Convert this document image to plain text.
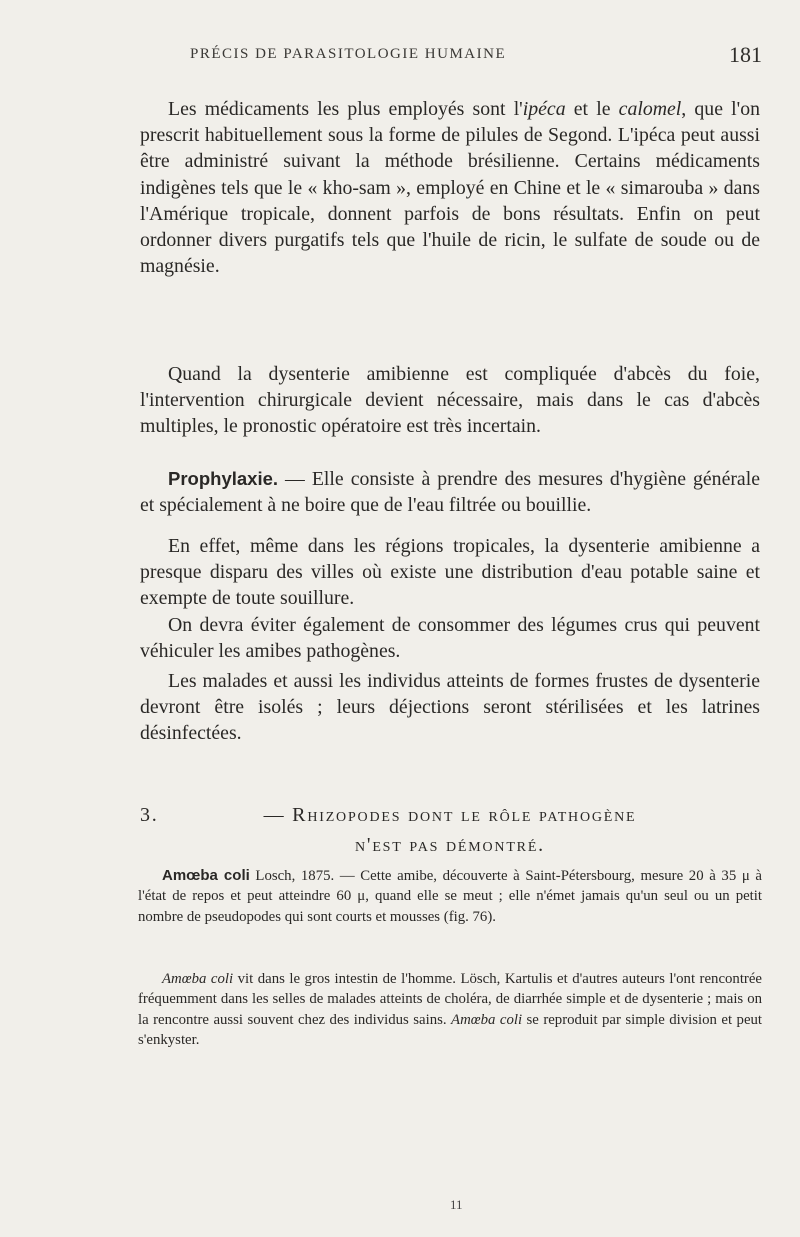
PRÉCIS DE PARASITOLOGIE HUMAINE	181

Les médicaments les plus employés sont l'ipéca et le calomel, que l'on prescrit habituellement sous la forme de pilules de Segond. L'ipéca peut aussi être administré suivant la méthode brésilienne. Certains médicaments indigènes tels que le « kho-sam », employé en Chine et le « simarouba » dans l'Amérique tropicale, donnent parfois de bons résultats. Enfin on peut ordonner divers purgatifs tels que l'huile de ricin, le sulfate de soude ou de magnésie.

Quand la dysenterie amibienne est compliquée d'abcès du foie, l'intervention chirurgicale devient nécessaire, mais dans le cas d'abcès multiples, le pronostic opératoire est très incertain.

Prophylaxie. — Elle consiste à prendre des mesures d'hygiène générale et spécialement à ne boire que de l'eau filtrée ou bouillie.

En effet, même dans les régions tropicales, la dysenterie amibienne a presque disparu des villes où existe une distribution d'eau potable saine et exempte de toute souillure.

On devra éviter également de consommer des légumes crus qui peuvent véhiculer les amibes pathogènes.

Les malades et aussi les individus atteints de formes frustes de dysenterie devront être isolés ; leurs déjections seront stérilisées et les latrines désinfectées.

3.	— Rhizopodes dont le rôle pathogène
n'est pas démontré.

Amœba coli Losch, 1875. — Cette amibe, découverte à Saint-Pétersbourg, mesure 20 à 35 μ à l'état de repos et peut atteindre 60 μ, quand elle se meut ; elle n'émet jamais qu'un seul ou un petit nombre de pseudopodes qui sont courts et mousses (fig. 76).

Amœba coli vit dans le gros intestin de l'homme. Lösch, Kartulis et d'autres auteurs l'ont rencontrée fréquemment dans les selles de malades atteints de choléra, de diarrhée simple et de dysenterie ; mais on la rencontre aussi souvent chez des individus sains. Amœba coli se reproduit par simple division et peut s'enkyster.

11
